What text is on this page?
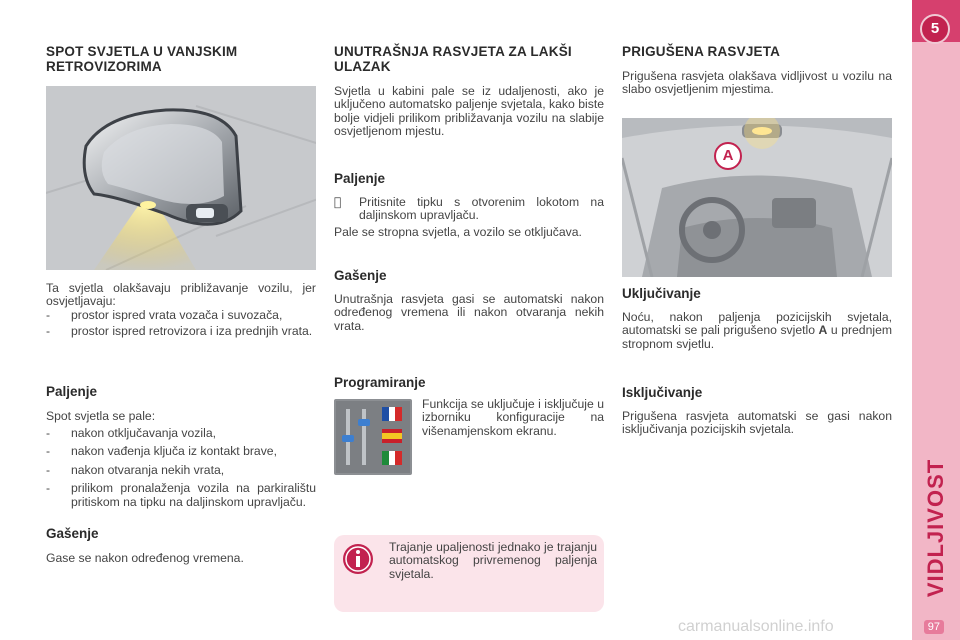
5
VIDLJIVOST
97
carmanualsonline.info
SPOT SVJETLA U VANJSKIM RETROVIZORIMA
Ta svjetla olakšavaju približavanje vozilu, jer osvjetljavaju:
- prostor ispred vrata vozača i suvozača,
- prostor ispred retrovizora i iza prednjih vrata.
Paljenje
Spot svjetla se pale:
- nakon otključavanja vozila,
- nakon vađenja ključa iz kontakt brave,
- nakon otvaranja nekih vrata,
- prilikom pronalaženja vozila na parkiralištu pritiskom na tipku na daljinskom upravljaču.
Gašenje
Gase se nakon određenog vremena.
UNUTRAŠNJA RASVJETA ZA LAKŠI ULAZAK
Svjetla u kabini pale se iz udaljenosti, ako je uključeno automatsko paljenje svjetala, kako biste bolje vidjeli prilikom približavanja vozilu na slabije osvjetljenom mjestu.
Paljenje
Pritisnite tipku s otvorenim lokotom na daljinskom upravljaču.
Pale se stropna svjetla, a vozilo se otključava.
Gašenje
Unutrašnja rasvjeta gasi se automatski nakon određenog vremena ili nakon otvaranja nekih vrata.
Programiranje
Funkcija se uključuje i isključuje u izborniku konfiguracije na višenamjenskom ekranu.
Trajanje upaljenosti jednako je trajanju automatskog privremenog paljenja svjetala.
PRIGUŠENA RASVJETA
Prigušena rasvjeta olakšava vidljivost u vozilu na slabo osvjetljenim mjestima.
A
Uključivanje
Noću, nakon paljenja pozicijskih svjetala, automatski se pali prigušeno svjetlo A u prednjem stropnom svjetlu.
Isključivanje
Prigušena rasvjeta automatski se gasi nakon isključivanja pozicijskih svjetala.
